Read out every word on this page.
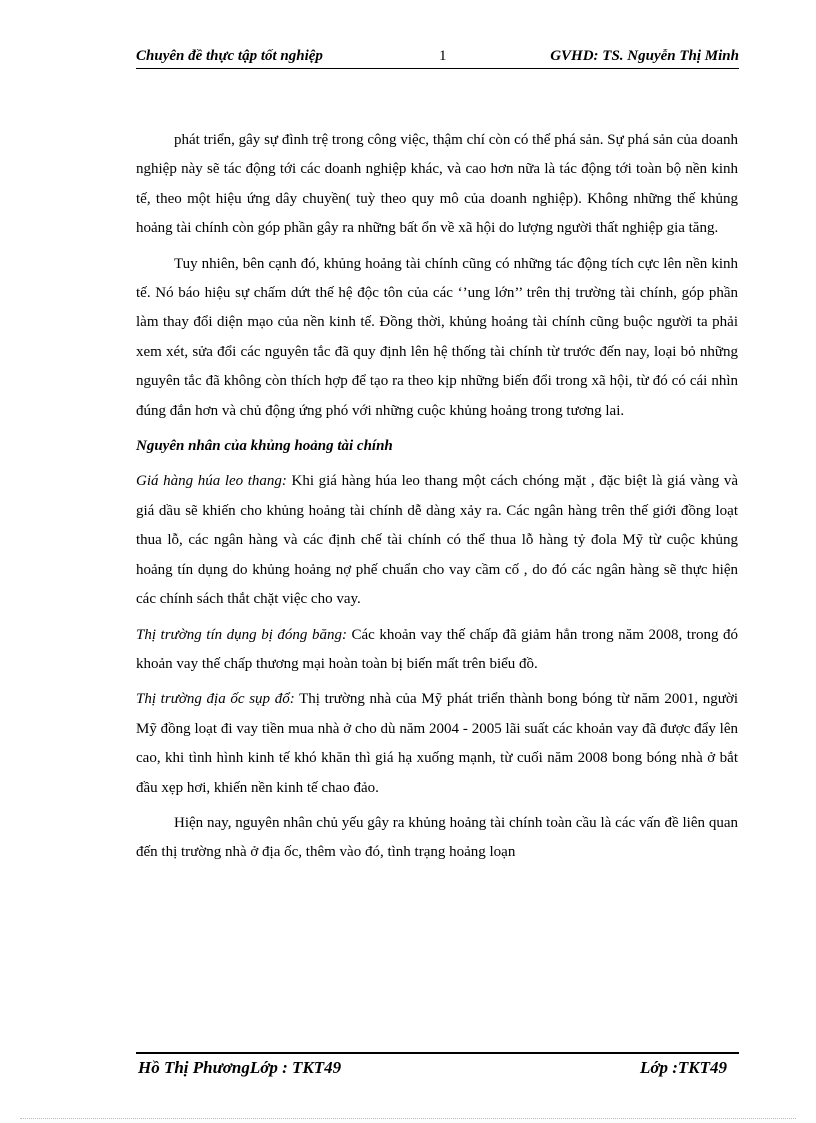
Chuyên đề thực tập tốt nghiệp	1	GVHD: TS. Nguyễn Thị Minh

phát triển, gây sự đình trệ trong công việc, thậm chí còn có thể phá sản. Sự phá sản của doanh nghiệp này sẽ tác động tới các doanh nghiệp khác, và cao hơn nữa là tác động tới toàn bộ nền kinh tế, theo một hiệu ứng dây chuyền( tuỳ theo quy mô của doanh nghiệp). Không những thế khủng hoảng tài chính còn góp phần gây ra những bất ổn về xã hội do lượng người thất nghiệp gia tăng.

Tuy nhiên, bên cạnh đó, khủng hoảng tài chính cũng có những tác động tích cực lên nền kinh tế. Nó báo hiệu sự chấm dứt thế hệ độc tôn của các ‘’ung lớn’’ trên thị trường tài chính, góp phần làm thay đổi diện mạo của nền kinh tế. Đồng thời, khủng hoảng tài chính cũng buộc người ta phải xem xét, sửa đổi các nguyên tắc đã quy định lên hệ thống tài chính từ trước đến nay, loại bỏ những nguyên tắc đã không còn thích hợp để tạo ra theo kịp những biến đổi trong xã hội, từ đó có cái nhìn đúng đắn hơn và chủ động ứng phó với những cuộc khủng hoảng trong tương lai.

Nguyên nhân của khủng hoảng tài chính

Giá hàng húa leo thang: Khi giá hàng húa leo thang một cách chóng mặt , đặc biệt là giá vàng và giá dầu sẽ khiến cho khủng hoảng tài chính dễ dàng xảy ra. Các ngân hàng trên thế giới đồng loạt thua lỗ, các ngân hàng và các định chế tài chính có thể thua lỗ hàng tỷ đola Mỹ từ cuộc khủng hoảng tín dụng do khủng hoảng nợ phế chuẩn cho vay cầm cố , do đó các ngân hàng sẽ thực hiện các chính sách thắt chặt việc cho vay.

Thị trường tín dụng bị đóng băng: Các khoản vay thế chấp đã giảm hẳn trong năm 2008, trong đó khoản vay thế chấp thương mại hoàn toàn bị biến mất trên biểu đồ.

Thị trường địa ốc sụp đổ: Thị trường nhà của Mỹ phát triển thành bong bóng từ năm 2001, người Mỹ đồng loạt đi vay tiền mua nhà ở cho dù năm 2004 - 2005 lãi suất các khoản vay đã được đẩy lên cao, khi tình hình kinh tế khó khăn thì giá hạ xuống mạnh, từ cuối năm 2008 bong bóng nhà ở bắt đầu xẹp hơi, khiến nền kinh tế chao đảo.

Hiện nay, nguyên nhân chủ yếu gây ra khủng hoảng tài chính toàn cầu là các vấn đề liên quan đến thị trường nhà ở địa ốc, thêm vào đó, tình trạng hoảng loạn

Hồ Thị PhươngLớp : TKT49	Lớp :TKT49
